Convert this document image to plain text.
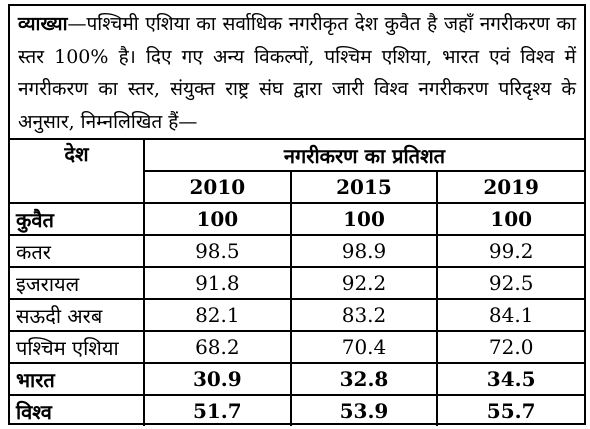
व्याख्या—पश्चिमी एशिया का सर्वाधिक नगरीकृत देश कुवैत है जहाँ नगरीकरण का स्तर 100% है। दिए गए अन्य विकल्पों, पश्चिम एशिया, भारत एवं विश्व में नगरीकरण का स्तर, संयुक्त राष्ट्र संघ द्वारा जारी विश्व नगरीकरण परिदृश्य के अनुसार, निम्नलिखित हैं—
देश	नगरीकरण का प्रतिशत		
	2010	2015	2019
कुवैत	100	100	100
कतर	98.5	98.9	99.2
इजरायल	91.8	92.2	92.5
सऊदी अरब	82.1	83.2	84.1
पश्चिम एशिया	68.2	70.4	72.0
भारत	30.9	32.8	34.5
विश्व	51.7	53.9	55.7
